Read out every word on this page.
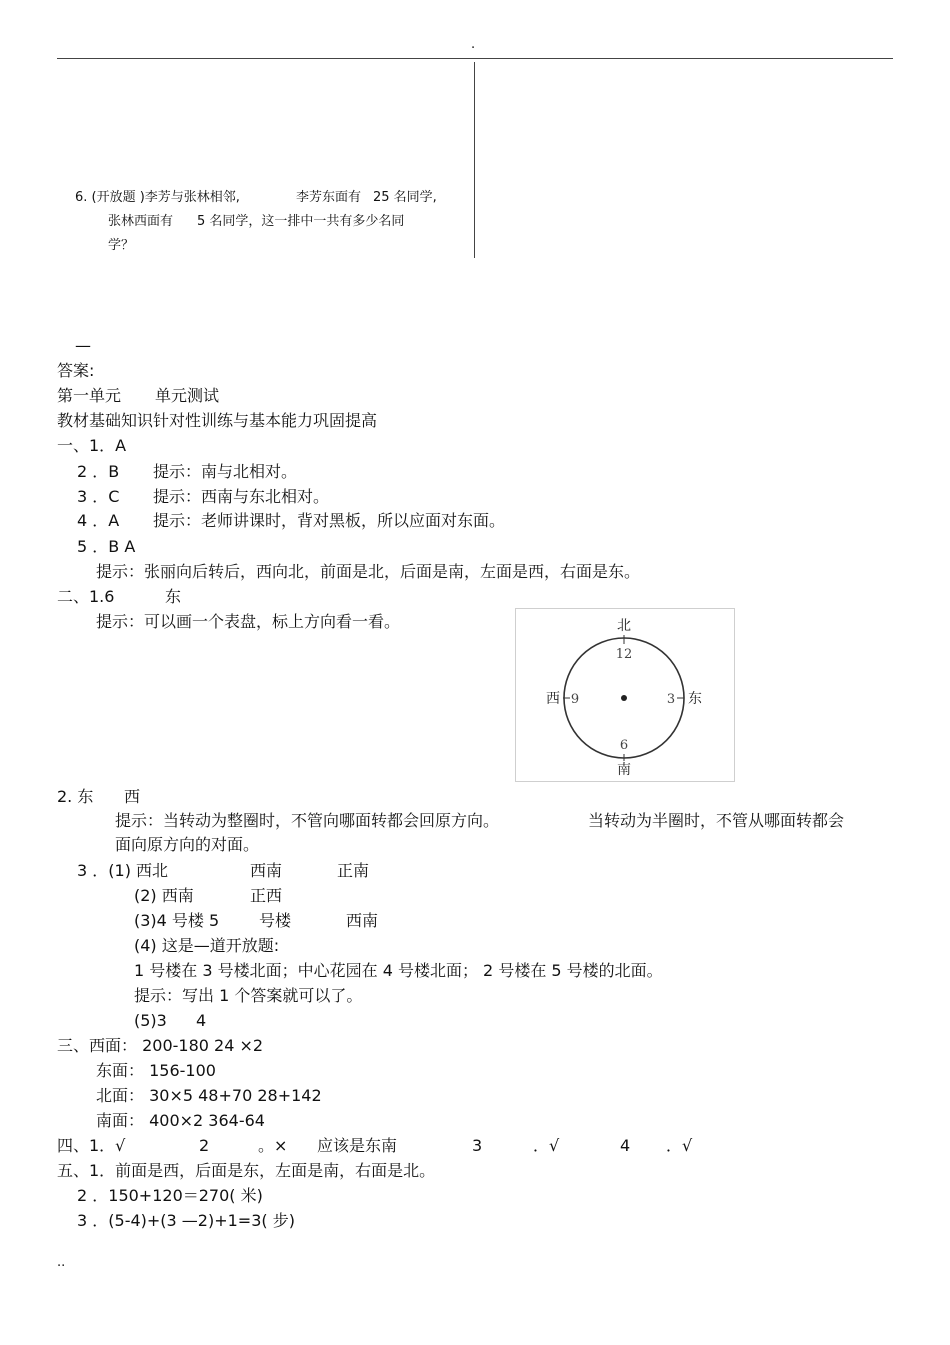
.
6. (开放题 )李芳与张林相邻,	李芳东面有 25 名同学,
张林西面有 5 名同学，这一排中一共有多少名同
学？
—
答案:
第一单元 单元测试
教材基础知识针对性训练与基本能力巩固提高
一、1．A
2 ．B 提示：南与北相对。
3 ．C 提示：西南与东北相对。
4 ．A 提示：老师讲课时，背对黑板，所以应面对东面。
5 ．B A
提示：张丽向后转后，西向北，前面是北，后面是南，左面是西，右面是东。
二、1.6	东
提示：可以画一个表盘，标上方向看一看。	北
12
6
南
西 9	3 东
2. 东 西
提示：当转动为整圈时，不管向哪面转都会回原方向。	当转动为半圈时，不管从哪面转都会
面向原方向的对面。
3 ．(1) 西北	西南	正南
(2) 西南	正西
(3)4 号楼 5 号楼	西南
(4) 这是—道开放题:
1 号楼在 3 号楼北面；中心花园在 4 号楼北面； 2 号楼在 5 号楼的北面。
提示：写出 1 个答案就可以了。
(5)3 4
三、西面： 200-180 24 ×2
东面： 156-100
北面： 30×5 48+70 28+142
南面： 400×2 364-64
四、1．√	2	。× 应该是东南	3	．√	4 ．√
五、1．前面是西，后面是东，左面是南，右面是北。
2 ．150+120＝270( 米)
3 ．(5-4)+(3 —2)+1=3( 步)
..
